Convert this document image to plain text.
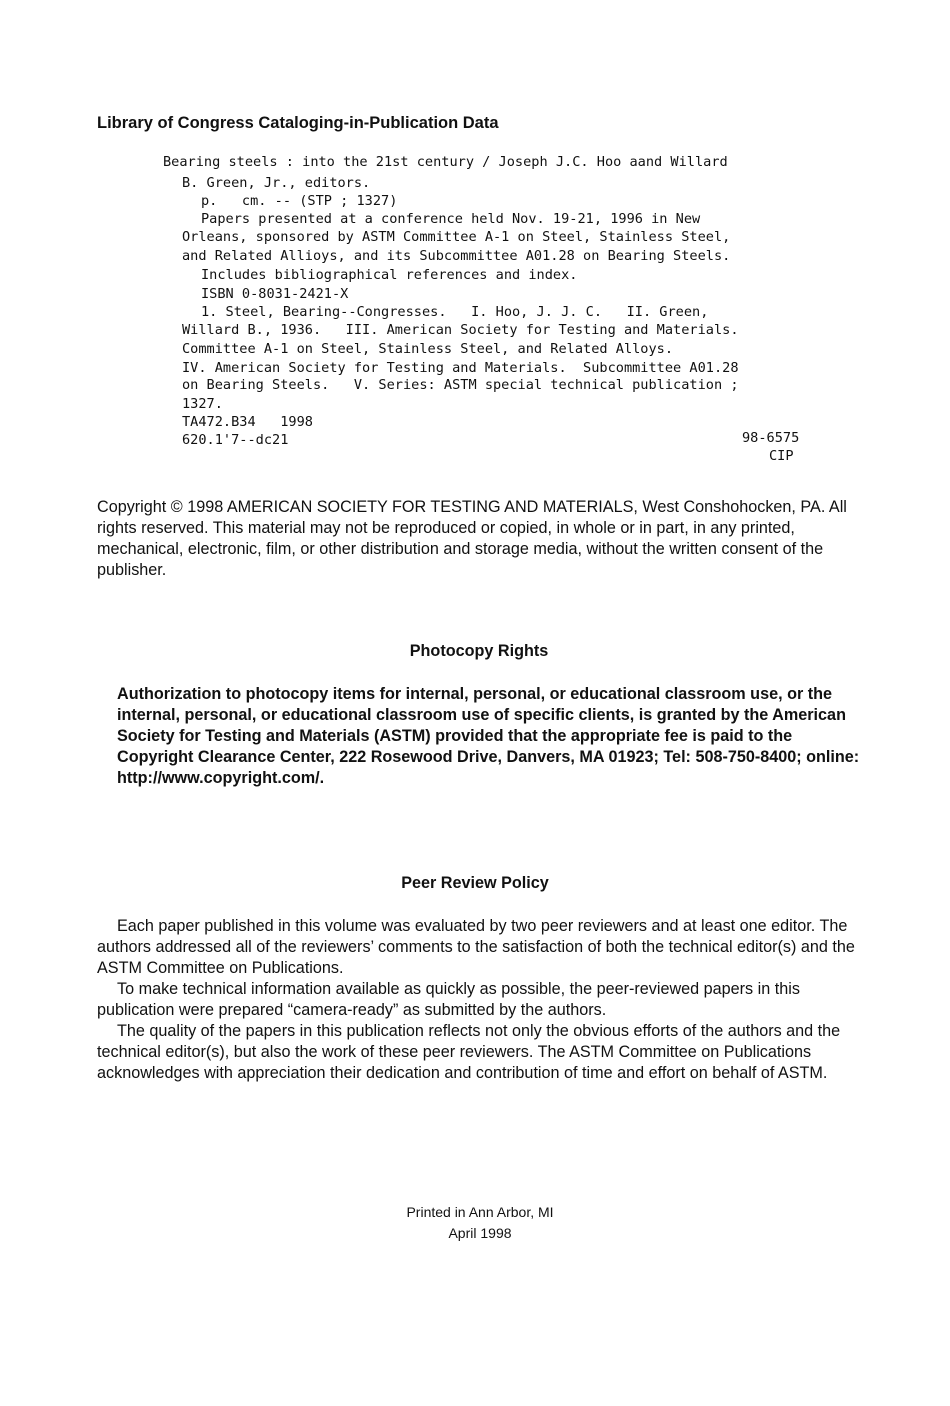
Library of Congress Cataloging-in-Publication Data

Bearing steels : into the 21st century / Joseph J.C. Hoo aand Willard

B. Green, Jr., editors.

p.   cm. -- (STP ; 1327)

Papers presented at a conference held Nov. 19-21, 1996 in New

Orleans, sponsored by ASTM Committee A-1 on Steel, Stainless Steel,

and Related Allioys, and its Subcommittee A01.28 on Bearing Steels.

Includes bibliographical references and index.

ISBN 0-8031-2421-X

1. Steel, Bearing--Congresses.   I. Hoo, J. J. C.   II. Green,

Willard B., 1936.   III. American Society for Testing and Materials.

Committee A-1 on Steel, Stainless Steel, and Related Alloys.

IV. American Society for Testing and Materials.  Subcommittee A01.28

on Bearing Steels.   V. Series: ASTM special technical publication ;

1327.

TA472.B34   1998

620.1'7--dc21

	98-6575

CIP

Copyright © 1998 AMERICAN SOCIETY FOR TESTING AND MATERIALS, West Conshohocken, PA. All rights reserved. This material may not be reproduced or copied, in whole or in part, in any printed, mechanical, electronic, film, or other distribution and storage media, without the written consent of the publisher.

Photocopy Rights

Authorization to photocopy items for internal, personal, or educational classroom use, or the internal, personal, or educational classroom use of specific clients, is granted by the American Society for Testing and Materials (ASTM) provided that the appropriate fee is paid to the Copyright Clearance Center, 222 Rosewood Drive, Danvers, MA 01923; Tel: 508-750-8400; online: http://www.copyright.com/.

Peer Review Policy

Each paper published in this volume was evaluated by two peer reviewers and at least one editor. The authors addressed all of the reviewers’ comments to the satisfaction of both the technical editor(s) and the ASTM Committee on Publications.

To make technical information available as quickly as possible, the peer-reviewed papers in this publication were prepared “camera-ready” as submitted by the authors.

The quality of the papers in this publication reflects not only the obvious efforts of the authors and the technical editor(s), but also the work of these peer reviewers. The ASTM Committee on Publications acknowledges with appreciation their dedication and contribution of time and effort on behalf of ASTM.

Printed in Ann Arbor, MI
April 1998
